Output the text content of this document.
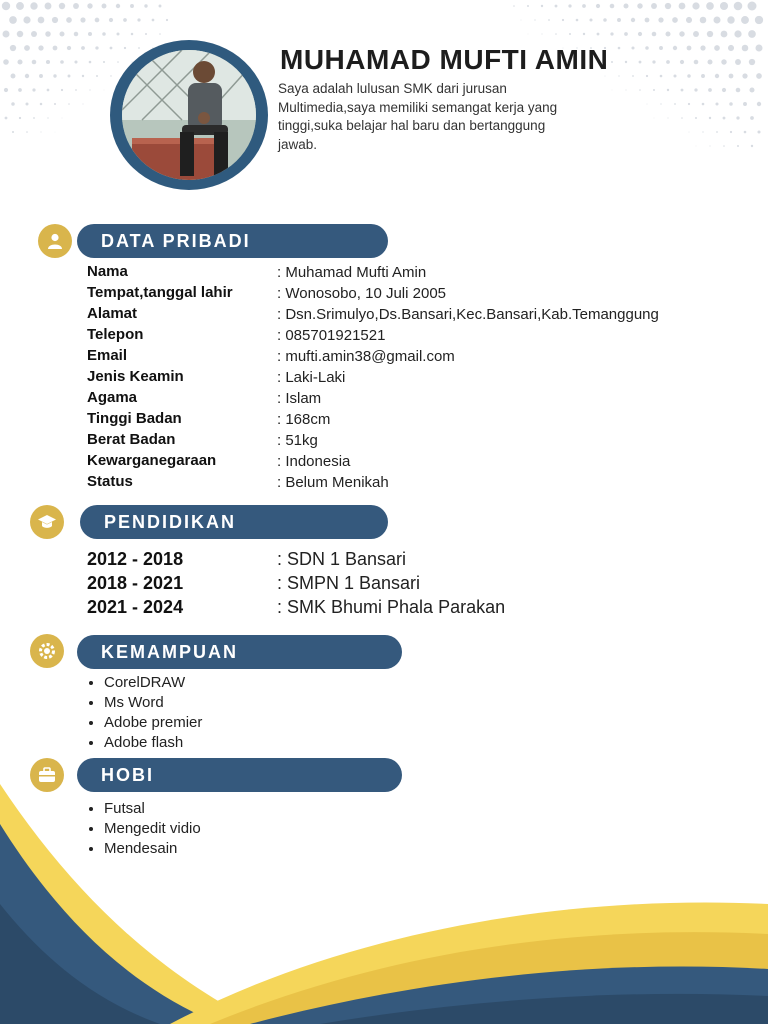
MUHAMAD MUFTI AMIN
Saya adalah lulusan SMK dari jurusan Multimedia,saya memiliki semangat kerja yang tinggi,suka belajar hal baru dan bertanggung jawab.
DATA PRIBADI
Nama	: Muhamad Mufti Amin
Tempat,tanggal lahir	: Wonosobo, 10 Juli 2005
Alamat	: Dsn.Srimulyo,Ds.Bansari,Kec.Bansari,Kab.Temanggung
Telepon	: 085701921521
Email	: mufti.amin38@gmail.com
Jenis Keamin	: Laki-Laki
Agama	: Islam
Tinggi Badan	: 168cm
Berat Badan	: 51kg
Kewarganegaraan	: Indonesia
Status	: Belum Menikah
PENDIDIKAN
2012 - 2018	: SDN 1 Bansari
2018 - 2021	: SMPN 1 Bansari
2021 - 2024	: SMK Bhumi Phala Parakan
KEMAMPUAN
• CorelDRAW
• Ms Word
• Adobe premier
• Adobe flash
HOBI
• Futsal
• Mengedit vidio
• Mendesain
